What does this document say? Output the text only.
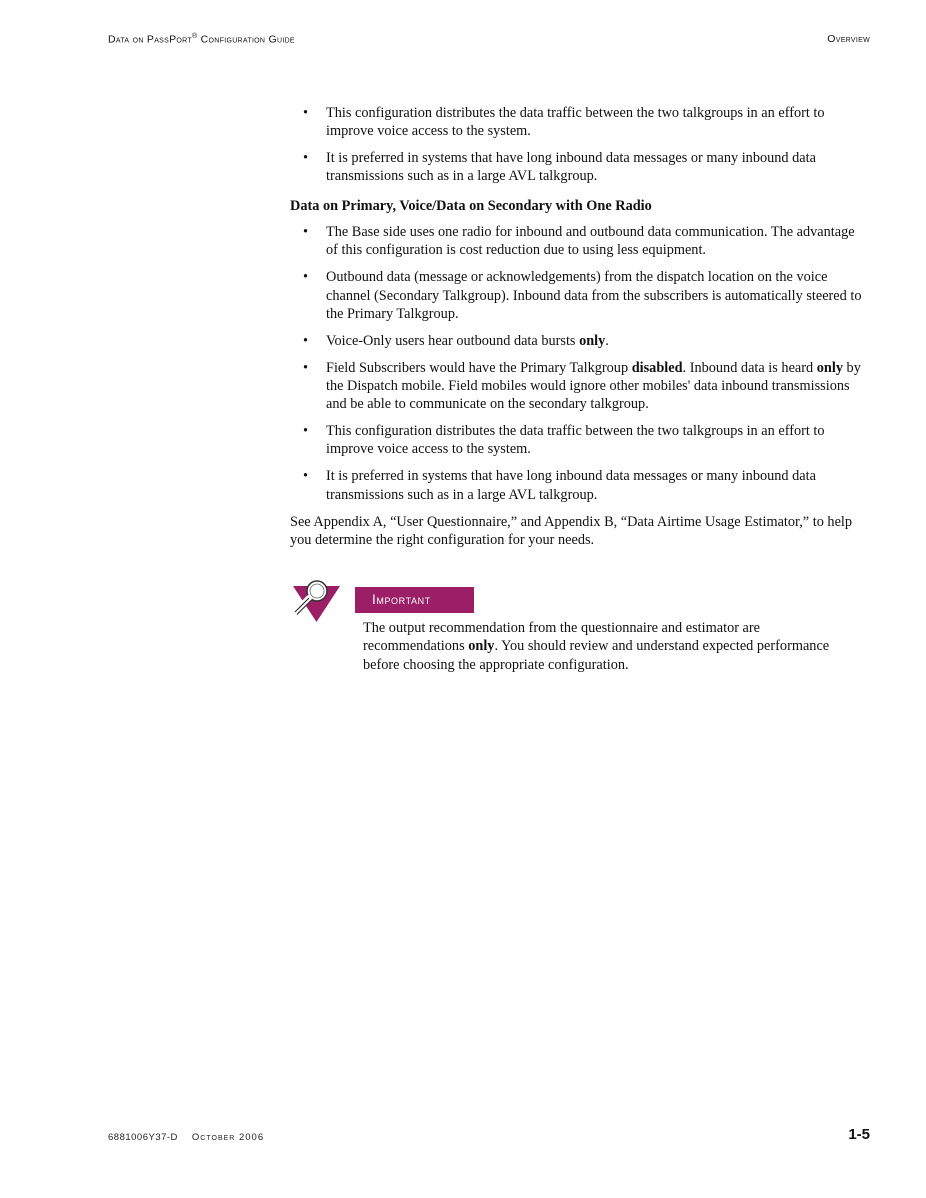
Data on PassPort® Configuration Guide	Overview
• This configuration distributes the data traffic between the two talkgroups in an effort to improve voice access to the system.
• It is preferred in systems that have long inbound data messages or many inbound data transmissions such as in a large AVL talkgroup.
Data on Primary, Voice/Data on Secondary with One Radio
• The Base side uses one radio for inbound and outbound data communication. The advantage of this configuration is cost reduction due to using less equipment.
• Outbound data (message or acknowledgements) from the dispatch location on the voice channel (Secondary Talkgroup). Inbound data from the subscribers is automatically steered to the Primary Talkgroup.
• Voice-Only users hear outbound data bursts only.
• Field Subscribers would have the Primary Talkgroup disabled. Inbound data is heard only by the Dispatch mobile. Field mobiles would ignore other mobiles' data inbound transmissions and be able to communicate on the secondary talkgroup.
• This configuration distributes the data traffic between the two talkgroups in an effort to improve voice access to the system.
• It is preferred in systems that have long inbound data messages or many inbound data transmissions such as in a large AVL talkgroup.
See Appendix A, “User Questionnaire,” and Appendix B, “Data Airtime Usage Estimator,” to help you determine the right configuration for your needs.
Important
The output recommendation from the questionnaire and estimator are recommendations only. You should review and understand expected performance before choosing the appropriate configuration.
6881006Y37-D October 2006	1-5
